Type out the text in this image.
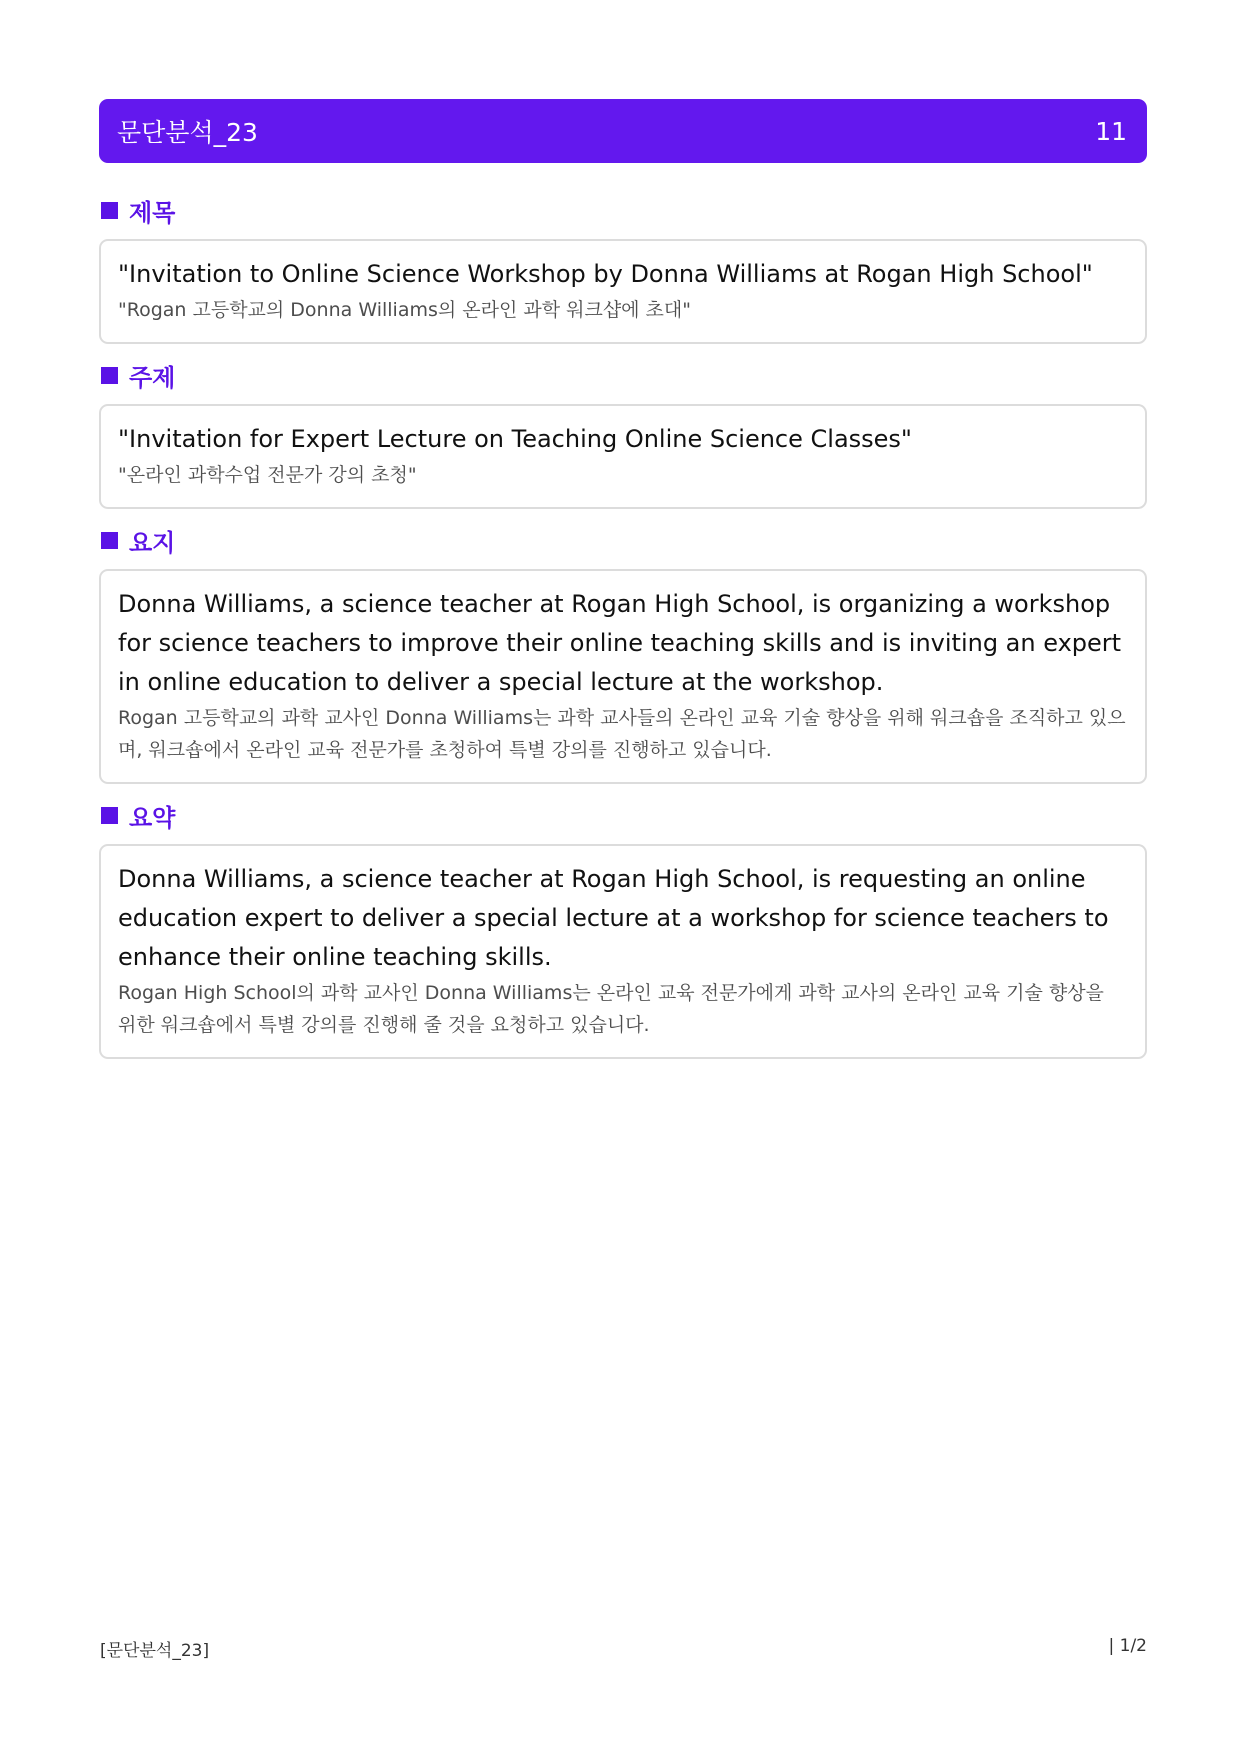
문단분석_23	11
제목
"Invitation to Online Science Workshop by Donna Williams at Rogan High School"
"Rogan 고등학교의 Donna Williams의 온라인 과학 워크샵에 초대"
주제
"Invitation for Expert Lecture on Teaching Online Science Classes"
"온라인 과학수업 전문가 강의 초청"
요지
Donna Williams, a science teacher at Rogan High School, is organizing a workshop for science teachers to improve their online teaching skills and is inviting an expert in online education to deliver a special lecture at the workshop.
Rogan 고등학교의 과학 교사인 Donna Williams는 과학 교사들의 온라인 교육 기술 향상을 위해 워크숍을 조직하고 있으며, 워크숍에서 온라인 교육 전문가를 초청하여 특별 강의를 진행하고 있습니다.
요약
Donna Williams, a science teacher at Rogan High School, is requesting an online education expert to deliver a special lecture at a workshop for science teachers to enhance their online teaching skills.
Rogan High School의 과학 교사인 Donna Williams는 온라인 교육 전문가에게 과학 교사의 온라인 교육 기술 향상을 위한 워크숍에서 특별 강의를 진행해 줄 것을 요청하고 있습니다.
[문단분석_23]	| 1/2
